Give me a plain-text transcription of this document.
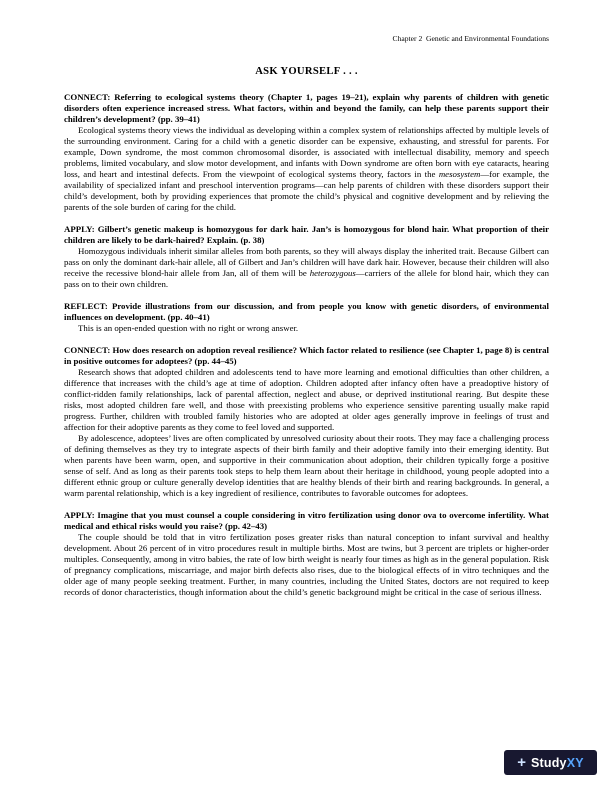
Chapter 2  Genetic and Environmental Foundations
ASK YOURSELF . . .

CONNECT: Referring to ecological systems theory (Chapter 1, pages 19–21), explain why parents of children with genetic disorders often experience increased stress. What factors, within and beyond the family, can help these parents support their children’s development? (pp. 39–41)

Ecological systems theory views the individual as developing within a complex system of relationships affected by multiple levels of the surrounding environment. Caring for a child with a genetic disorder can be expensive, exhausting, and stressful for parents. For example, Down syndrome, the most common chromosomal disorder, is associated with intellectual disability, memory and speech problems, limited vocabulary, and slow motor development, and infants with Down syndrome are often born with eye cataracts, hearing loss, and heart and intestinal defects. From the viewpoint of ecological systems theory, factors in the mesosystem—for example, the availability of specialized infant and preschool intervention programs—can help parents of children with these disorders support their child’s development, both by providing experiences that promote the child’s physical and cognitive development and by relieving the parents of the sole burden of caring for the child.

APPLY: Gilbert’s genetic makeup is homozygous for dark hair. Jan’s is homozygous for blond hair. What proportion of their children are likely to be dark-haired? Explain. (p. 38)

Homozygous individuals inherit similar alleles from both parents, so they will always display the inherited trait. Because Gilbert can pass on only the dominant dark-hair allele, all of Gilbert and Jan’s children will have dark hair. However, because their children will also receive the recessive blond-hair allele from Jan, all of them will be heterozygous—carriers of the allele for blond hair, which they can pass on to their own children.

REFLECT: Provide illustrations from our discussion, and from people you know with genetic disorders, of environmental influences on development. (pp. 40–41)

This is an open-ended question with no right or wrong answer.

CONNECT: How does research on adoption reveal resilience? Which factor related to resilience (see Chapter 1, page 8) is central in positive outcomes for adoptees? (pp. 44–45)

Research shows that adopted children and adolescents tend to have more learning and emotional difficulties than other children, a difference that increases with the child’s age at time of adoption. Children adopted after infancy often have a preadoptive history of conflict-ridden family relationships, lack of parental affection, neglect and abuse, or deprived institutional rearing. But despite these risks, most adopted children fare well, and those with preexisting problems who experience sensitive parenting usually make rapid progress. Further, children with troubled family histories who are adopted at older ages generally improve in feelings of trust and affection for their adoptive parents as they come to feel loved and supported.

By adolescence, adoptees’ lives are often complicated by unresolved curiosity about their roots. They may face a challenging process of defining themselves as they try to integrate aspects of their birth family and their adoptive family into their emerging identity. But when parents have been warm, open, and supportive in their communication about adoption, their children typically forge a positive sense of self. And as long as their parents took steps to help them learn about their heritage in childhood, young people adopted into a different ethnic group or culture generally develop identities that are healthy blends of their birth and rearing backgrounds. In general, a warm parental relationship, which is a key ingredient of resilience, contributes to favorable outcomes for adoptees.

APPLY: Imagine that you must counsel a couple considering in vitro fertilization using donor ova to overcome infertility. What medical and ethical risks would you raise? (pp. 42–43)

The couple should be told that in vitro fertilization poses greater risks than natural conception to infant survival and healthy development. About 26 percent of in vitro procedures result in multiple births. Most are twins, but 3 percent are triplets or higher-order multiples. Consequently, among in vitro babies, the rate of low birth weight is nearly four times as high as in the general population. Risk of pregnancy complications, miscarriage, and major birth defects also rises, due to the biological effects of in vitro techniques and the older age of many people seeking treatment. Further, in many countries, including the United States, doctors are not required to keep records of donor characteristics, though information about the child’s genetic background might be critical in the case of serious illness.

+ StudyXY
